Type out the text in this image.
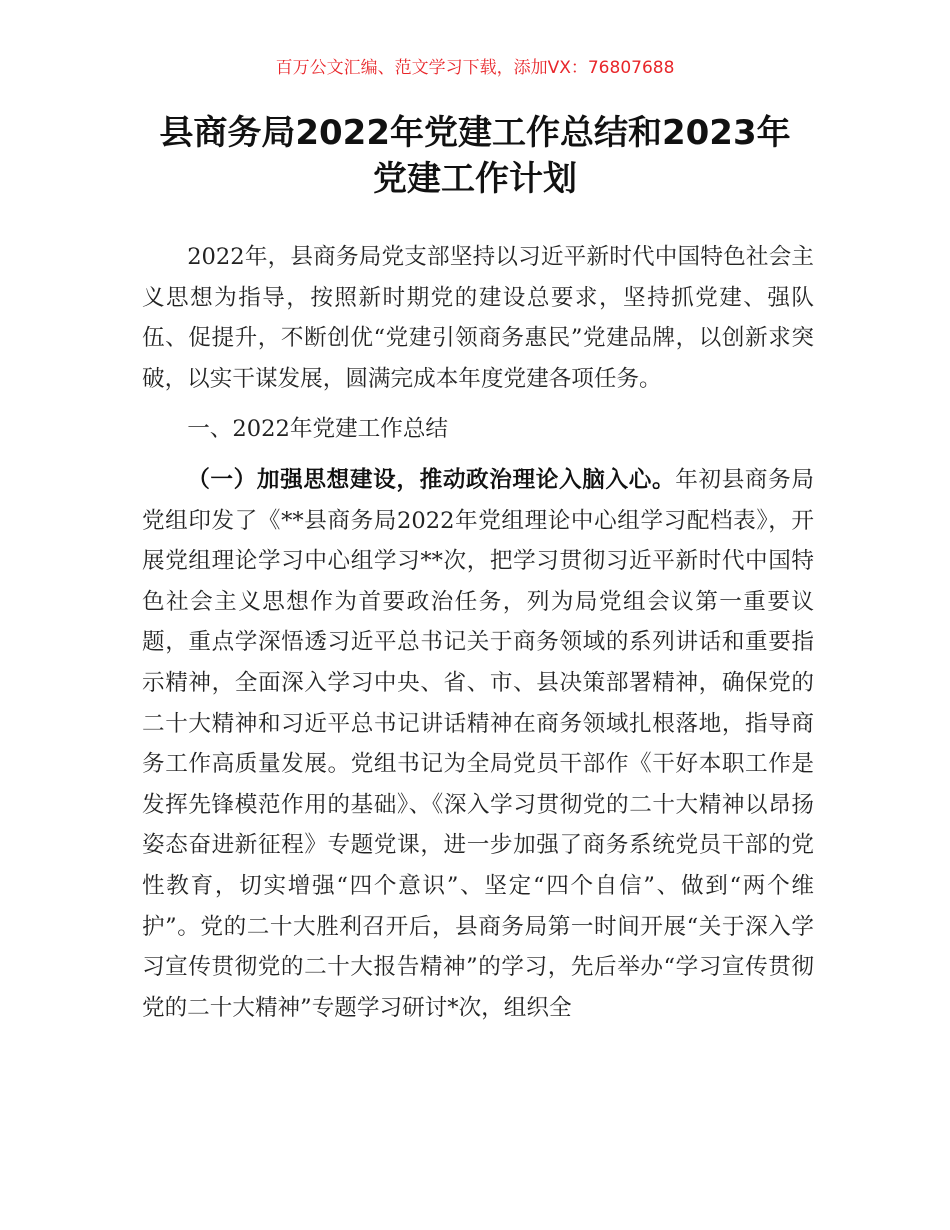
百万公文汇编、范文学习下载，添加VX：76807688
县商务局2022年党建工作总结和2023年
党建工作计划

2022年，县商务局党支部坚持以习近平新时代中国特色社会主义思想为指导，按照新时期党的建设总要求，坚持抓党建、强队伍、促提升，不断创优“党建引领商务惠民”党建品牌，以创新求突破，以实干谋发展，圆满完成本年度党建各项任务。

一、2022年党建工作总结

（一）加强思想建设，推动政治理论入脑入心。年初县商务局党组印发了《**县商务局2022年党组理论中心组学习配档表》，开展党组理论学习中心组学习**次，把学习贯彻习近平新时代中国特色社会主义思想作为首要政治任务，列为局党组会议第一重要议题，重点学深悟透习近平总书记关于商务领域的系列讲话和重要指示精神，全面深入学习中央、省、市、县决策部署精神，确保党的二十大精神和习近平总书记讲话精神在商务领域扎根落地，指导商务工作高质量发展。党组书记为全局党员干部作《干好本职工作是发挥先锋模范作用的基础》、《深入学习贯彻党的二十大精神以昂扬姿态奋进新征程》专题党课，进一步加强了商务系统党员干部的党性教育，切实增强“四个意识”、坚定“四个自信”、做到“两个维护”。党的二十大胜利召开后，县商务局第一时间开展“关于深入学习宣传贯彻党的二十大报告精神”的学习，先后举办“学习宣传贯彻党的二十大精神”专题学习研讨*次，组织全
